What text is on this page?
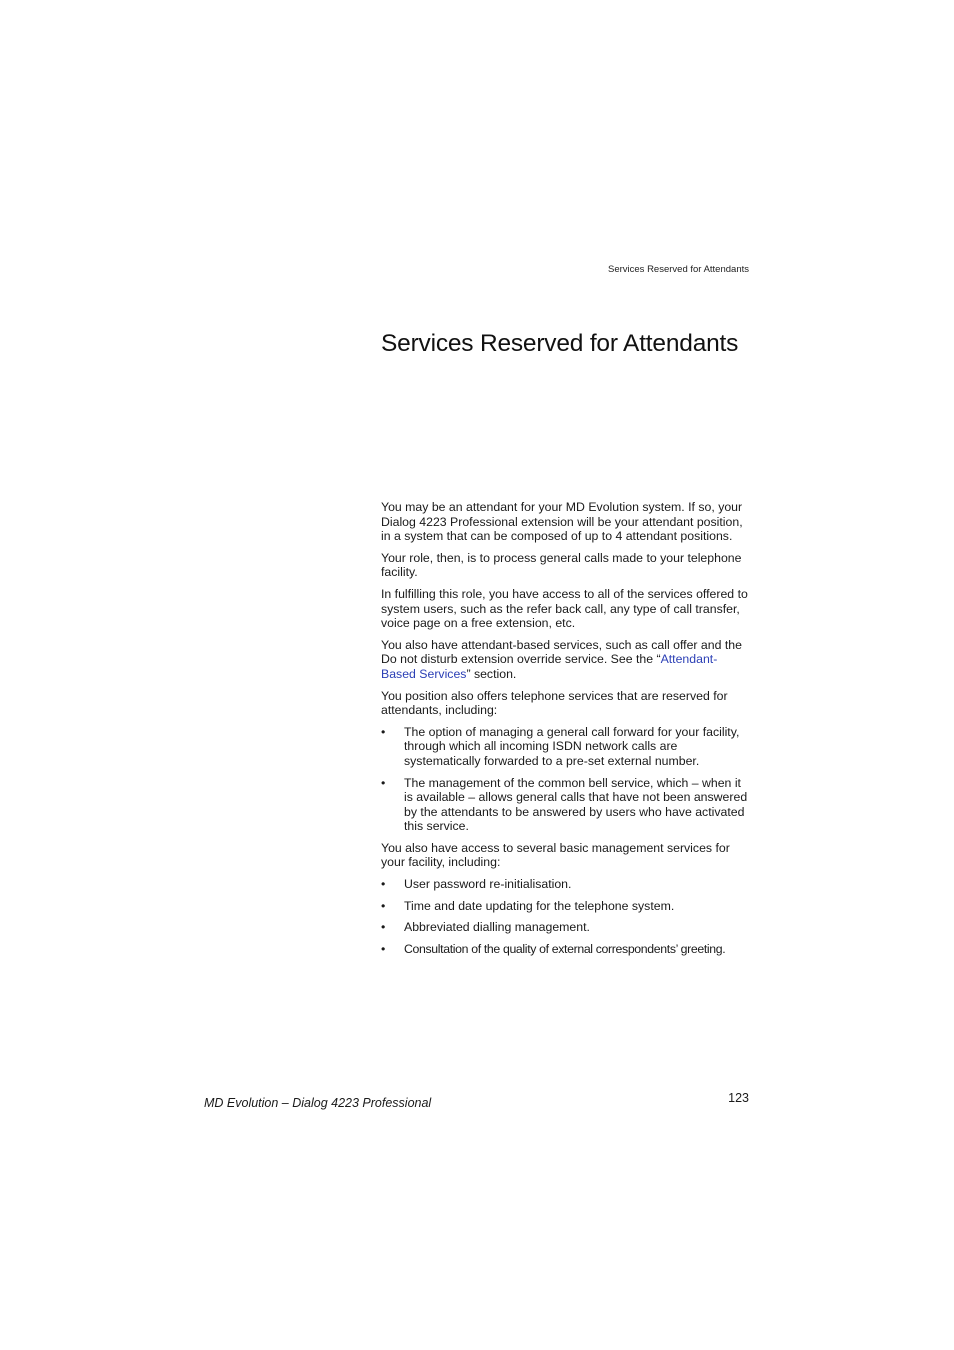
Services Reserved for Attendants
Services Reserved for Attendants

You may be an attendant for your MD Evolution system. If so, your Dialog 4223 Professional extension will be your attendant position, in a system that can be composed of up to 4 attendant positions.

Your role, then, is to process general calls made to your telephone facility.

In fulfilling this role, you have access to all of the services offered to system users, such as the refer back call, any type of call transfer, voice page on a free extension, etc.

You also have attendant-based services, such as call offer and the Do not disturb extension override service. See the “Attendant-Based Services” section.

You position also offers telephone services that are reserved for attendants, including:

• The option of managing a general call forward for your facility, through which all incoming ISDN network calls are systematically forwarded to a pre-set external number.
• The management of the common bell service, which – when it is available – allows general calls that have not been answered by the attendants to be answered by users who have activated this service.

You also have access to several basic management services for your facility, including:

• User password re-initialisation.
• Time and date updating for the telephone system.
• Abbreviated dialling management.
• Consultation of the quality of external correspondents’ greeting.
MD Evolution – Dialog 4223 Professional	123
